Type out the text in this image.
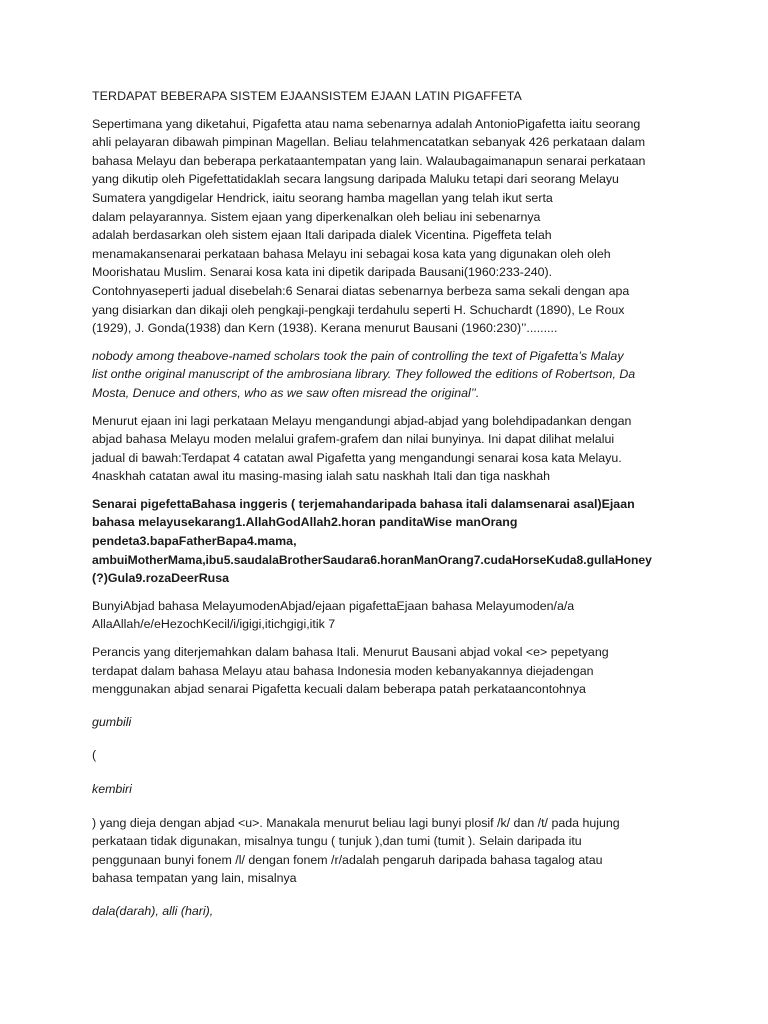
TERDAPAT BEBERAPA SISTEM EJAANSISTEM EJAAN LATIN PIGAFFETA

Sepertimana yang diketahui, Pigafetta atau nama sebenarnya adalah AntonioPigafetta iaitu seorang
ahli pelayaran dibawah pimpinan Magellan. Beliau telahmencatatkan sebanyak 426 perkataan dalam
bahasa Melayu dan beberapa perkataantempatan yang lain. Walaubagaimanapun senarai perkataan
yang dikutip oleh Pigefettatidaklah secara langsung daripada Maluku tetapi dari seorang Melayu
Sumatera yangdigelar Hendrick, iaitu seorang hamba magellan yang telah ikut serta
dalam pelayarannya. Sistem ejaan yang diperkenalkan oleh beliau ini sebenarnya
adalah berdasarkan oleh sistem ejaan Itali daripada dialek Vicentina. Pigeffeta telah
menamakansenarai perkataan bahasa Melayu ini sebagai kosa kata yang digunakan oleh oleh
Moorishatau Muslim. Senarai kosa kata ini dipetik daripada Bausani(1960:233-240).
Contohnyaseperti jadual disebelah:6 Senarai diatas sebenarnya berbeza sama sekali dengan apa
yang disiarkan dan dikaji oleh pengkaji-pengkaji terdahulu seperti H. Schuchardt (1890), Le Roux
(1929), J. Gonda(1938) dan Kern (1938). Kerana menurut Bausani (1960:230)’’.........

nobody among theabove-named scholars took the pain of controlling the text of Pigafetta’s Malay
list onthe original manuscript of the ambrosiana library. They followed the editions of Robertson, Da
Mosta, Denuce and others, who as we saw often misread the original’’.

Menurut ejaan ini lagi perkataan Melayu mengandungi abjad-abjad yang bolehdipadankan dengan
abjad bahasa Melayu moden melalui grafem-grafem dan nilai bunyinya. Ini dapat dilihat melalui
jadual di bawah:Terdapat 4 catatan awal Pigafetta yang mengandungi senarai kosa kata Melayu.
4naskhah catatan awal itu masing-masing ialah satu naskhah Itali dan tiga naskhah

Senarai pigefettaBahasa inggeris ( terjemahandaripada bahasa itali dalamsenarai asal)Ejaan
bahasa melayusekarang1.AllahGodAllah2.horan panditaWise manOrang
pendeta3.bapaFatherBapa4.mama,
ambuiMotherMama,ibu5.saudalaBrotherSaudara6.horanManOrang7.cudaHorseKuda8.gullaHoney
(?)Gula9.rozaDeerRusa

BunyiAbjad bahasa MelayumodenAbjad/ejaan pigafettaEjaan bahasa Melayumoden/a/a
AllaAllah/e/eHezochKecil/i/igigi,itichgigi,itik 7

Perancis yang diterjemahkan dalam bahasa Itali. Menurut Bausani abjad vokal <e> pepetyang
terdapat dalam bahasa Melayu atau bahasa Indonesia moden kebanyakannya diejadengan
menggunakan abjad senarai Pigafetta kecuali dalam beberapa patah perkataancontohnya

gumbili

(

kembiri

) yang dieja dengan abjad <u>. Manakala menurut beliau lagi bunyi plosif /k/ dan /t/ pada hujung
perkataan tidak digunakan, misalnya tungu ( tunjuk ),dan tumi (tumit ). Selain daripada itu
penggunaan bunyi fonem /l/ dengan fonem /r/adalah pengaruh daripada bahasa tagalog atau
bahasa tempatan yang lain, misalnya

dala(darah), alli (hari),
